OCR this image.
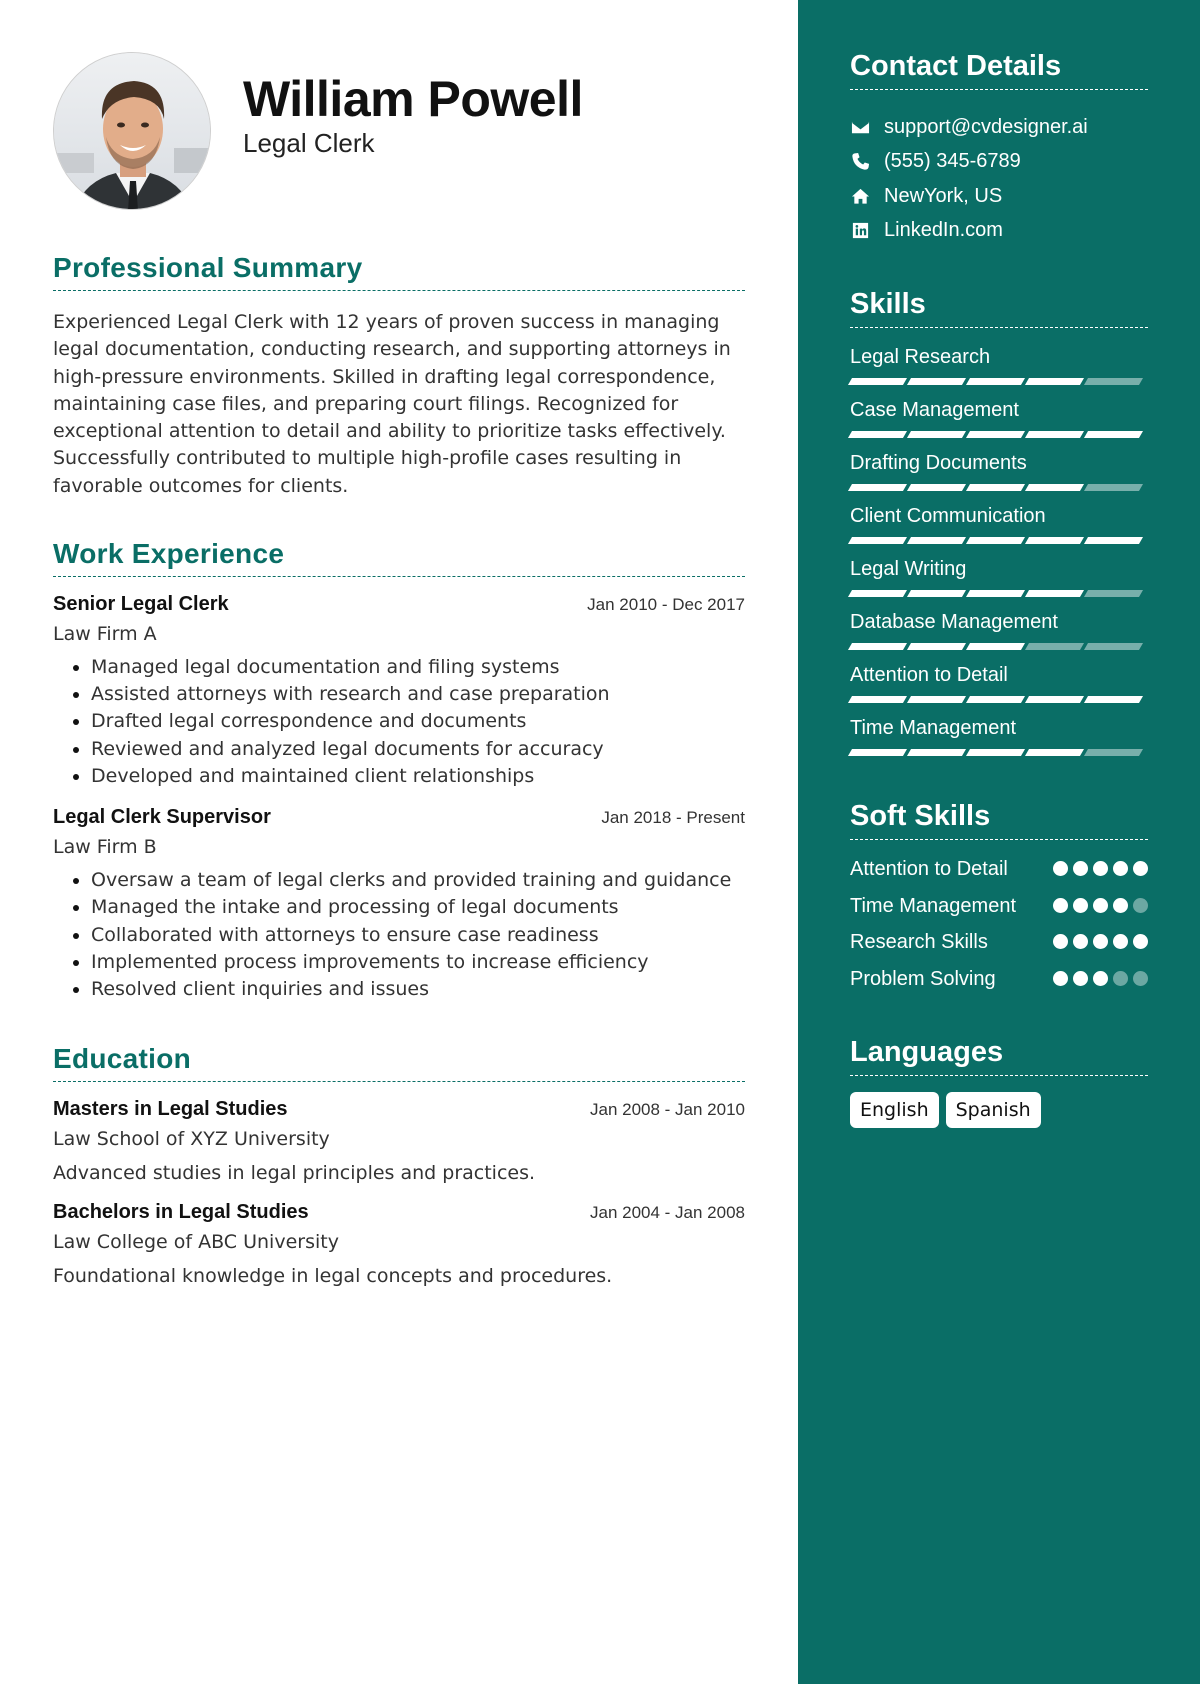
William Powell
Legal Clerk
Professional Summary

Experienced Legal Clerk with 12 years of proven success in managing legal documentation, conducting research, and supporting attorneys in high-pressure environments. Skilled in drafting legal correspondence, maintaining case files, and preparing court filings. Recognized for exceptional attention to detail and ability to prioritize tasks effectively. Successfully contributed to multiple high-profile cases resulting in favorable outcomes for clients.

Work Experience
Senior Legal Clerk	Jan 2010 - Dec 2017
Law Firm A
• Managed legal documentation and filing systems
• Assisted attorneys with research and case preparation
• Drafted legal correspondence and documents
• Reviewed and analyzed legal documents for accuracy
• Developed and maintained client relationships
Legal Clerk Supervisor	Jan 2018 - Present
Law Firm B
• Oversaw a team of legal clerks and provided training and guidance
• Managed the intake and processing of legal documents
• Collaborated with attorneys to ensure case readiness
• Implemented process improvements to increase efficiency
• Resolved client inquiries and issues
Education
Masters in Legal Studies	Jan 2008 - Jan 2010
Law School of XYZ University
Advanced studies in legal principles and practices.
Bachelors in Legal Studies	Jan 2004 - Jan 2008
Law College of ABC University
Foundational knowledge in legal concepts and procedures.
Contact Details
support@cvdesigner.ai
(555) 345-6789
NewYork, US
LinkedIn.com
Skills
Legal Research
Case Management
Drafting Documents
Client Communication
Legal Writing
Database Management
Attention to Detail
Time Management
Soft Skills
Attention to Detail
Time Management
Research Skills
Problem Solving
Languages
English	Spanish
